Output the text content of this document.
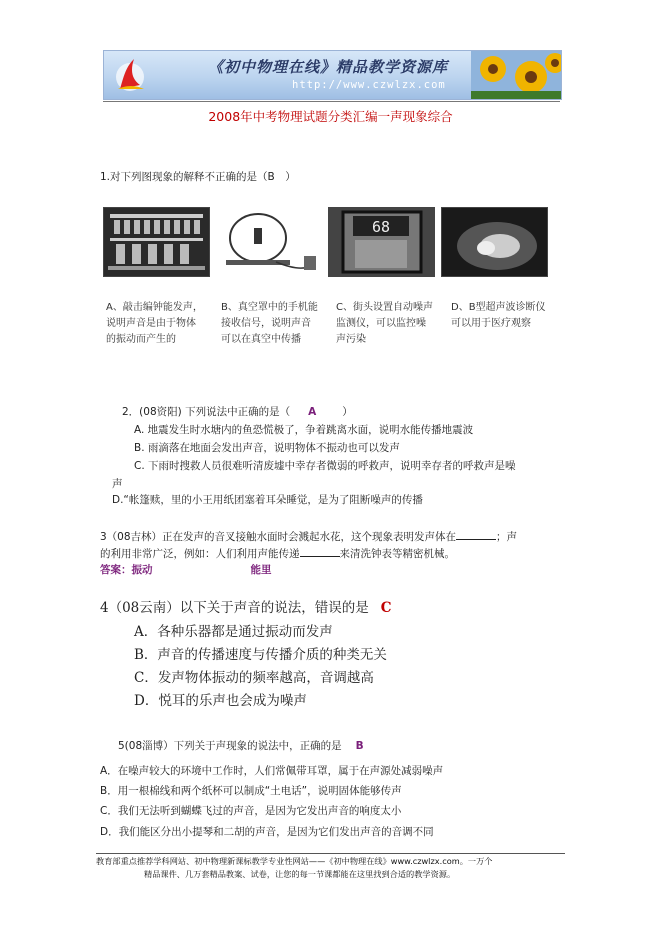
《初中物理在线》精品教学资源库
http://www.czwlzx.com
2008年中考物理试题分类汇编一声现象综合
1.对下列图现象的解释不正确的是（B　）
68
A、敲击编钟能发声，
说明声音是由于物体
的振动而产生的
B、真空罩中的手机能
接收信号，说明声音
可以在真空中传播
C、街头设置自动噪声
监测仪，可以监控噪
声污染
D、B型超声波诊断仪
可以用于医疗观察
2．(08资阳) 下列说法中正确的是（ A ）
A. 地震发生时水塘内的鱼恐慌极了，争着跳离水面，说明水能传播地震波
B. 雨滴落在地面会发出声音，说明物体不振动也可以发声
C. 下雨时搜救人员很难听清废墟中幸存者微弱的呼救声，说明幸存者的呼救声是噪
声
D.“帐篷赎，里的小王用纸团塞着耳朵睡觉，是为了阻断噪声的传播
3（08吉林）正在发声的音叉接触水面时会溅起水花，这个现象表明发声体在	；声
的利用非常广泛，例如：人们利用声能传递	来清洗钟表等精密机械。
答案：振动	能里
4（08云南）以下关于声音的说法，错误的是 C
A．各种乐器都是通过振动而发声
B．声音的传播速度与传播介质的种类无关
C．发声物体振动的频率越高，音调越高
D．悦耳的乐声也会成为噪声
5(08淄博）下列关于声现象的说法中，正确的是 B
A．在噪声较大的环境中工作时，人们常佩带耳罩，属于在声源处减弱噪声
B．用一根棉线和两个纸杯可以制成“土电话”，说明固体能够传声
C．我们无法听到蝴蝶飞过的声音，是因为它发出声音的响度太小
D．我们能区分出小提琴和二胡的声音，是因为它们发出声音的音调不同
教育部重点推荐学科网站、初中物理新课标教学专业性网站——《初中物理在线》www.czwlzx.com。一万个
精品课件、几万套精品教案、试卷，让您的每一节课都能在这里找到合适的教学资源。
